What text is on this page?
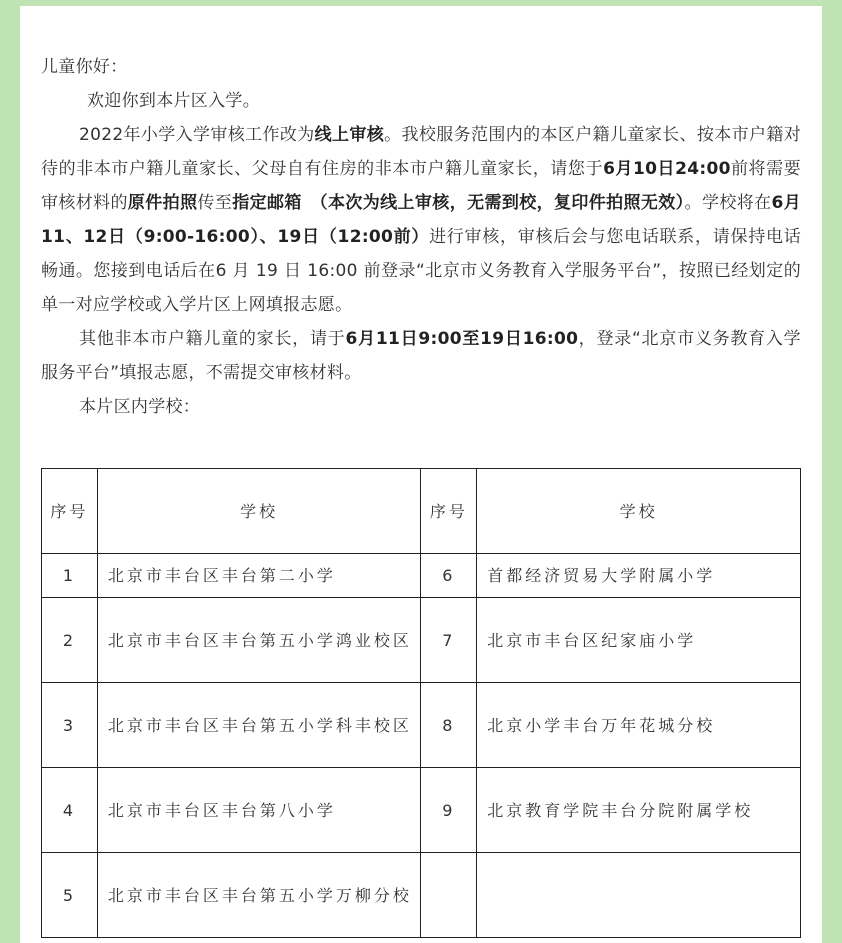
儿童你好：

欢迎你到本片区入学。

2022年小学入学审核工作改为线上审核。我校服务范围内的本区户籍儿童家长、按本市户籍对待的非本市户籍儿童家长、父母自有住房的非本市户籍儿童家长，请您于6月10日24:00前将需要审核材料的原件拍照传至指定邮箱　（本次为线上审核，无需到校，复印件拍照无效）。学校将在6月11、12日（9:00-16:00）、19日（12:00前）进行审核，审核后会与您电话联系，请保持电话畅通。您接到电话后在6 月 19 日 16:00 前登录“北京市义务教育入学服务平台”，按照已经划定的单一对应学校或入学片区上网填报志愿。

其他非本市户籍儿童的家长，请于6月11日9:00至19日16:00，登录“北京市义务教育入学服务平台”填报志愿，不需提交审核材料。

本片区内学校：

序号	学校	序号	学校
1	北京市丰台区丰台第二小学	6	首都经济贸易大学附属小学
2	北京市丰台区丰台第五小学鸿业校区	7	北京市丰台区纪家庙小学
3	北京市丰台区丰台第五小学科丰校区	8	北京小学丰台万年花城分校
4	北京市丰台区丰台第八小学	9	北京教育学院丰台分院附属学校
5	北京市丰台区丰台第五小学万柳分校		
